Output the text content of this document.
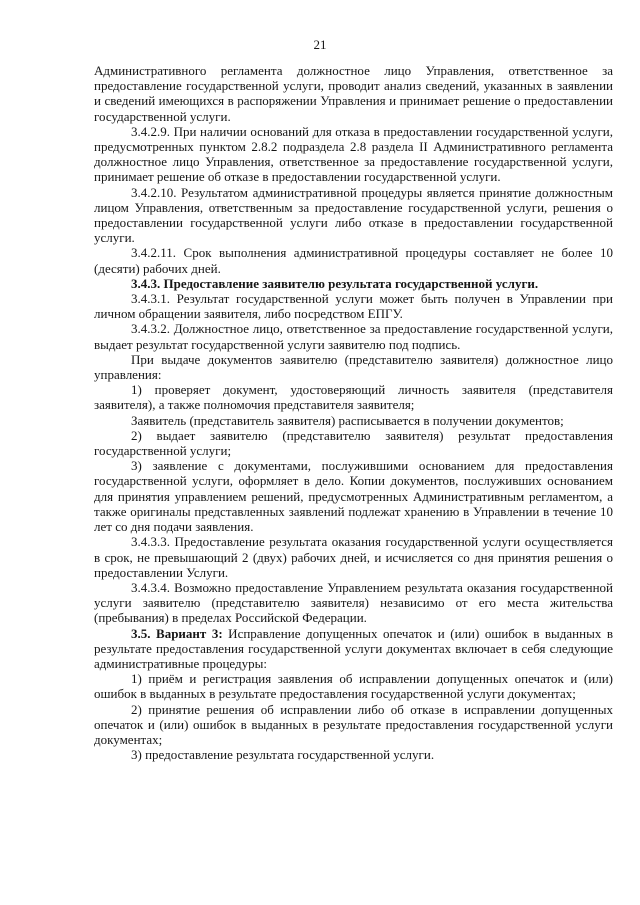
21

Административного регламента должностное лицо Управления, ответственное за предоставление государственной услуги, проводит анализ сведений, указанных в заявлении и сведений имеющихся в распоряжении Управления и принимает решение о предоставлении государственной услуги.

3.4.2.9. При наличии оснований для отказа в предоставлении государственной услуги, предусмотренных пунктом 2.8.2 подраздела 2.8 раздела II Административного регламента должностное лицо Управления, ответственное за предоставление государственной услуги, принимает решение об отказе в предоставлении государственной услуги.

3.4.2.10. Результатом административной процедуры является принятие должностным лицом Управления, ответственным за предоставление государственной услуги, решения о предоставлении государственной услуги либо отказе в предоставлении государственной услуги.

3.4.2.11. Срок выполнения административной процедуры составляет не более 10 (десяти) рабочих дней.

3.4.3. Предоставление заявителю результата государственной услуги.

3.4.3.1. Результат государственной услуги может быть получен в Управлении при личном обращении заявителя, либо посредством ЕПГУ.

3.4.3.2. Должностное лицо, ответственное за предоставление государственной услуги, выдает результат государственной услуги заявителю под подпись.

При выдаче документов заявителю (представителю заявителя) должностное лицо управления:

1) проверяет документ, удостоверяющий личность заявителя (представителя заявителя), а также полномочия представителя заявителя;

Заявитель (представитель заявителя) расписывается в получении документов;

2) выдает заявителю (представителю заявителя) результат предоставления государственной услуги;

3) заявление с документами, послужившими основанием для предоставления государственной услуги, оформляет в дело. Копии документов, послуживших основанием для принятия управлением решений, предусмотренных Административным регламентом, а также оригиналы представленных заявлений подлежат хранению в Управлении в течение 10 лет со дня подачи заявления.

3.4.3.3. Предоставление результата оказания государственной услуги осуществляется в срок, не превышающий 2 (двух) рабочих дней, и исчисляется со дня принятия решения о предоставлении Услуги.

3.4.3.4. Возможно предоставление Управлением результата оказания государственной услуги заявителю (представителю заявителя) независимо от его места жительства (пребывания) в пределах Российской Федерации.

3.5. Вариант 3: Исправление допущенных опечаток и (или) ошибок в выданных в результате предоставления государственной услуги документах включает в себя следующие административные процедуры:

1) приём и регистрация заявления об исправлении допущенных опечаток и (или) ошибок в выданных в результате предоставления государственной услуги документах;

2) принятие решения об исправлении либо об отказе в исправлении допущенных опечаток и (или) ошибок в выданных в результате предоставления государственной услуги документах;

3) предоставление результата государственной услуги.
